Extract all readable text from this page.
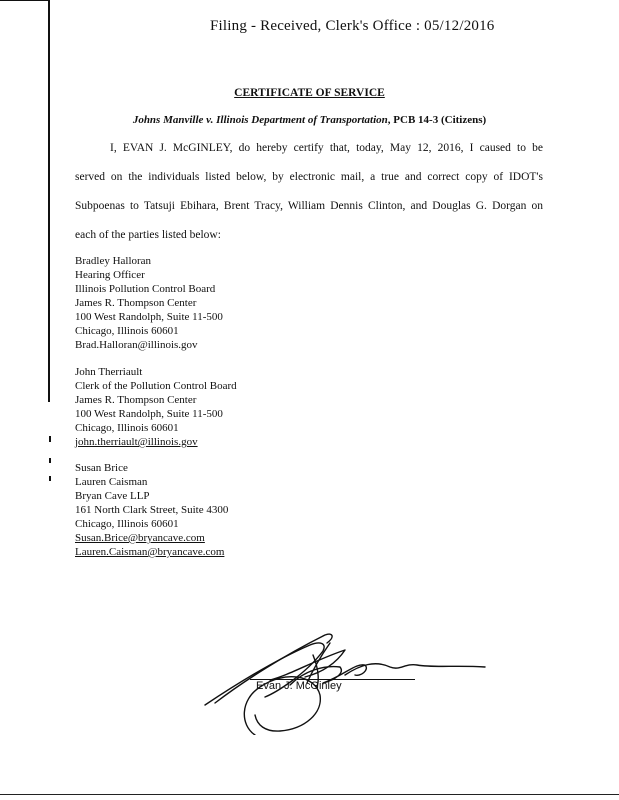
Filing - Received, Clerk's Office : 05/12/2016
CERTIFICATE OF SERVICE
Johns Manville v. Illinois Department of Transportation, PCB 14-3 (Citizens)
I, EVAN J. McGINLEY, do hereby certify that, today, May 12, 2016, I caused to be
served on the individuals listed below, by electronic mail, a true and correct copy of IDOT's
Subpoenas to Tatsuji Ebihara, Brent Tracy, William Dennis Clinton, and Douglas G. Dorgan on
each of the parties listed below:
Bradley Halloran
Hearing Officer
Illinois Pollution Control Board
James R. Thompson Center
100 West Randolph, Suite 11-500
Chicago, Illinois 60601
Brad.Halloran@illinois.gov
John Therriault
Clerk of the Pollution Control Board
James R. Thompson Center
100 West Randolph, Suite 11-500
Chicago, Illinois 60601
john.therriault@illinois.gov
Susan Brice
Lauren Caisman
Bryan Cave LLP
161 North Clark Street, Suite 4300
Chicago, Illinois 60601
Susan.Brice@bryancave.com
Lauren.Caisman@bryancave.com
Evan J. McGinley
